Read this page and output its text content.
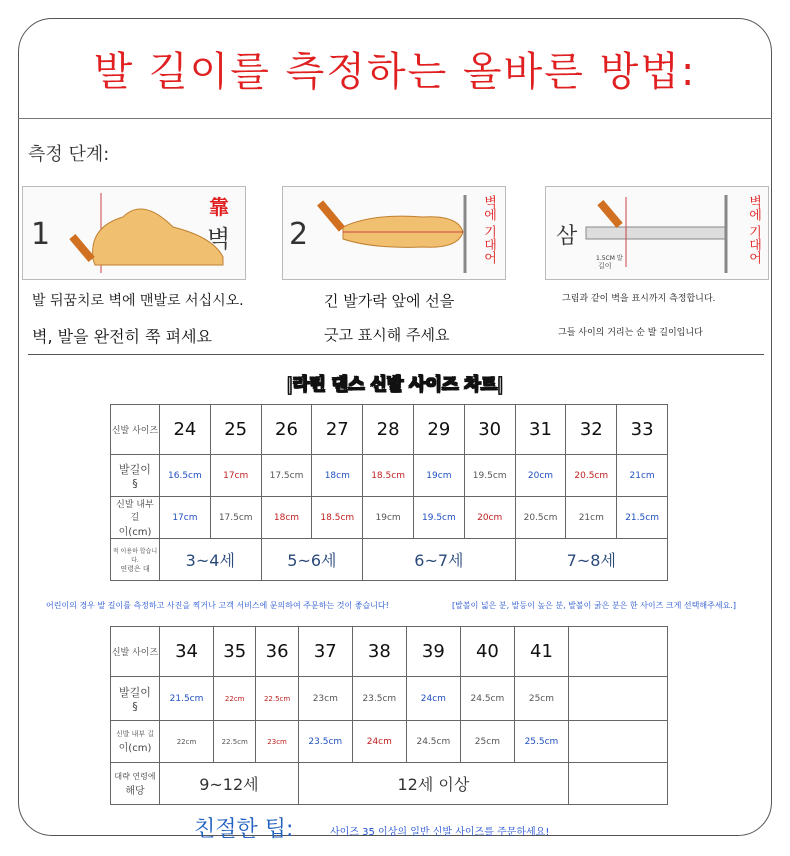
발 길이를 측정하는 올바른 방법:
측정 단계:
1
靠
벽
발 뒤꿈치로 벽에 맨발로 서십시오.
벽, 발을 완전히 쭉 펴세요
2	벽에 기대어
긴 발가락 앞에 선을
긋고 표시해 주세요
삼
1.5CM 발
길이
벽에 기대어
그림과 같이 벽을 표시까지 측정합니다.
그들 사이의 거리는 순 발 길이입니다
|라틴 댄스 신발 사이즈 차트|
신발 사이즈	24	25	26	27	28	29	30	31	32	33

발길이
§	16.5cm	17cm	17.5cm	18cm	18.5cm	19cm	19.5cm	20cm	20.5cm	21cm

신발 내부 길
이(cm)	17cm	17.5cm	18cm	18.5cm	19cm	19.5cm	20cm	20.5cm	21cm	21.5cm

적 이용하 합습니다.
연령은 대	3~4세		5~6세		6~7세			7~8세		
어린이의 경우 발 길이를 측정하고 사진을 찍거나 고객 서비스에 문의하여 주문하는 것이 좋습니다!	[발볼이 넓은 분, 발등이 높은 분, 발볼이 굵은 분은 한 사이즈 크게 선택해주세요.]
신발 사이즈	34	35	36	37	38	39	40	41	

발길이
§	21.5cm	22cm	22.5cm	23cm	23.5cm	24cm	24.5cm	25cm	

신발 내부 길
이(cm)	22cm	22.5cm	23cm	23.5cm	24cm	24.5cm	25cm	25.5cm	

대략 연령에
해당	9~12세			12세 이상					
친절한 팁:	사이즈 35 이상의 일반 신발 사이즈를 주문하세요!
